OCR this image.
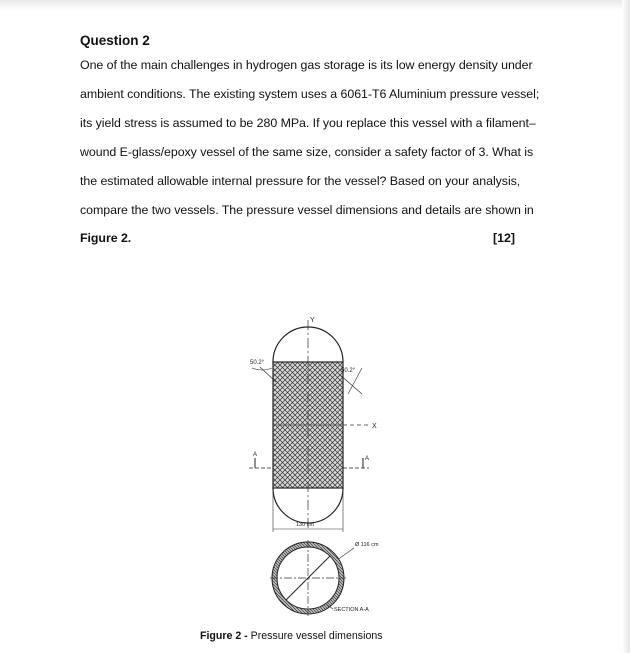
Question 2
One of the main challenges in hydrogen gas storage is its low energy density under
ambient conditions. The existing system uses a 6061-T6 Aluminium pressure vessel;
its yield stress is assumed to be 280 MPa. If you replace this vessel with a filament–
wound E-glass/epoxy vessel of the same size, consider a safety factor of 3. What is
the estimated allowable internal pressure for the vessel? Based on your analysis,
compare the two vessels. The pressure vessel dimensions and details are shown in
Figure 2.	[12]
Y
X
50.2°
50.2°
A
A
130 cm
Ø 116 cm
SECTION A-A
Figure 2 - Pressure vessel dimensions
